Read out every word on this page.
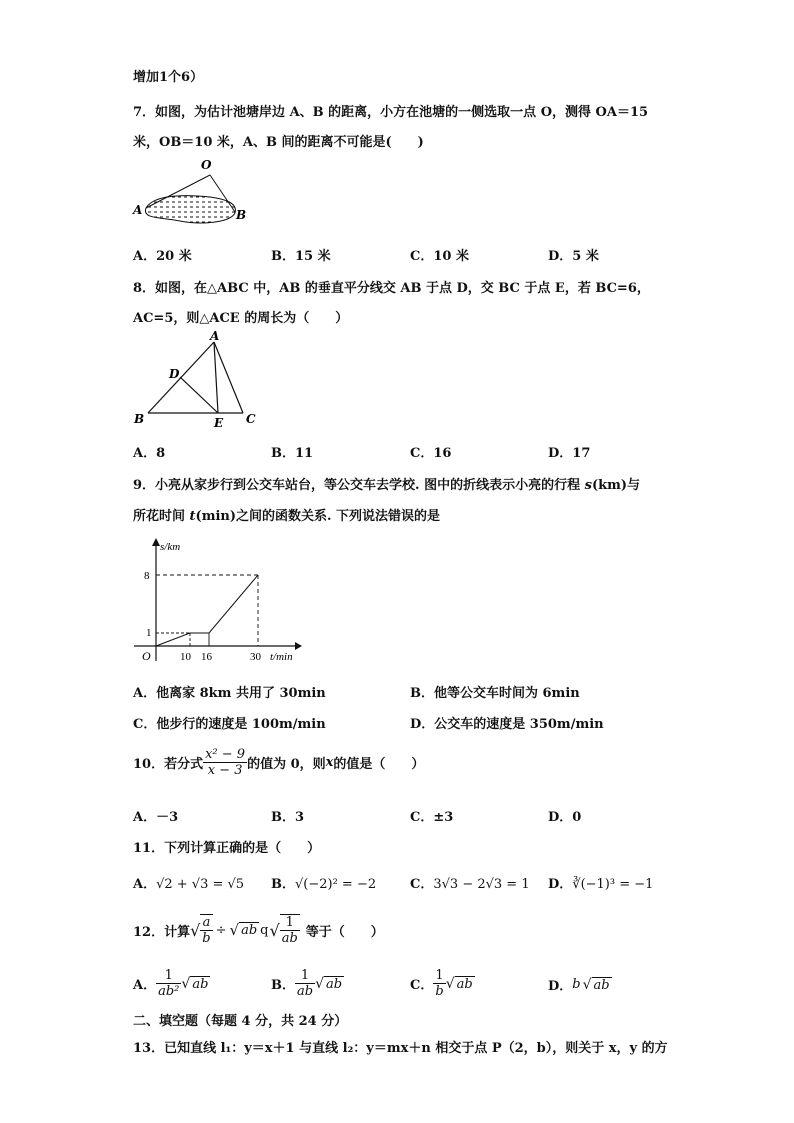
增加1个6）
7．如图，为估计池塘岸边 A、B 的距离，小方在池塘的一侧选取一点 O，测得 OA＝15
米，OB＝10 米，A、B 间的距离不可能是(　　)
O
A	B
A．20 米	B．15 米	C．10 米	D．5 米
8．如图，在△ABC 中，AB 的垂直平分线交 AB 于点 D，交 BC 于点 E，若 BC=6，
AC=5，则△ACE 的周长为（　　）
A
D
B	E C
A．8	B．11	C．16	D．17
9．小亮从家步行到公交车站台，等公交车去学校. 图中的折线表示小亮的行程 s(km)与
所花时间 t(min)之间的函数关系. 下列说法错误的是
s/km
t/min
O
8
1
10 16	30
A．他离家 8km 共用了 30min	B．他等公交车时间为 6min
C．他步行的速度是 100m/min	D．公交车的速度是 350m/min
10．若分式 $\frac{\text{x² − 9}}{x - 3}$ 的值为 0，则 x 的值是（　　）
A．－3	B．3	C．±3	D．0
11．下列计算正确的是（　　）
A．√2 + √3 = √5 B．√(−2)² = −2	C．3√3 − 2√3 = 1 D．∛(−1)³ = −1
12．计算 √ $\frac{a}{b}$ ÷ √ ab q √ $\frac{1}{ab}$ 等于（　　）
A． $\frac{1}{\text{ab²}}$ √ ab	B． $\frac{1}{ab}$ √ ab	C． $\frac{1}{b}$ √ ab	D． b √ ab
二、填空题（每题 4 分，共 24 分）
13．已知直线 l₁：y＝x＋1 与直线 l₂：y＝mx＋n 相交于点 P（2，b），则关于 x，y 的方
